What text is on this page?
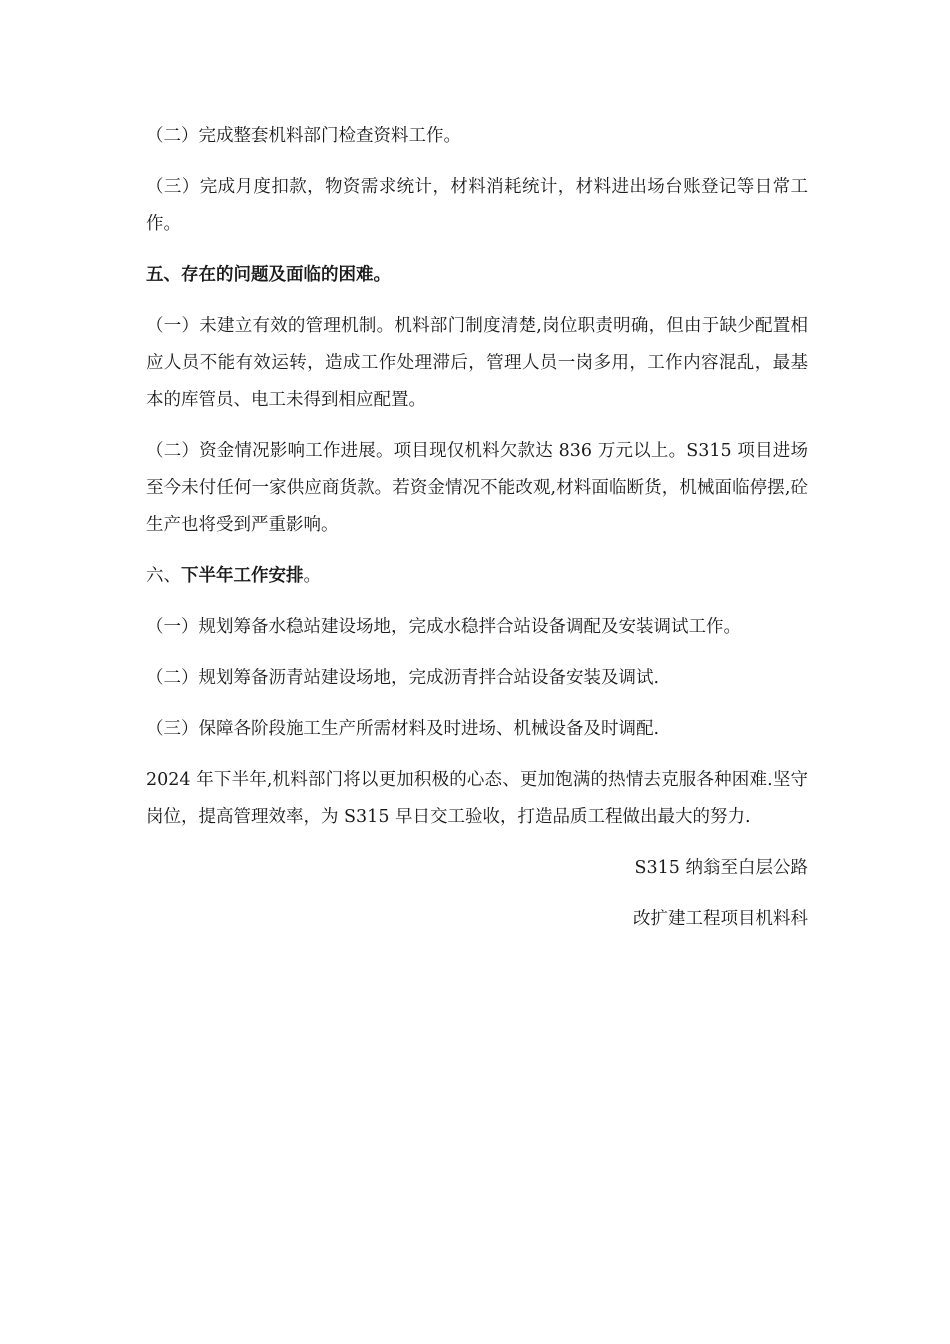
（二）完成整套机料部门检查资料工作。

（三）完成月度扣款，物资需求统计，材料消耗统计，材料进出场台账登记等日常工作。

五、存在的问题及面临的困难。

（一）未建立有效的管理机制。机料部门制度清楚,岗位职责明确，但由于缺少配置相应人员不能有效运转，造成工作处理滞后，管理人员一岗多用，工作内容混乱，最基本的库管员、电工未得到相应配置。

（二）资金情况影响工作进展。项目现仅机料欠款达 836 万元以上。S315 项目进场至今未付任何一家供应商货款。若资金情况不能改观,材料面临断货，机械面临停摆,砼生产也将受到严重影响。

六、下半年工作安排。

（一）规划筹备水稳站建设场地，完成水稳拌合站设备调配及安装调试工作。

（二）规划筹备沥青站建设场地，完成沥青拌合站设备安装及调试.

（三）保障各阶段施工生产所需材料及时进场、机械设备及时调配.

2024 年下半年,机料部门将以更加积极的心态、更加饱满的热情去克服各种困难.坚守岗位，提高管理效率，为 S315 早日交工验收，打造品质工程做出最大的努力.

S315 纳翁至白层公路

改扩建工程项目机料科
